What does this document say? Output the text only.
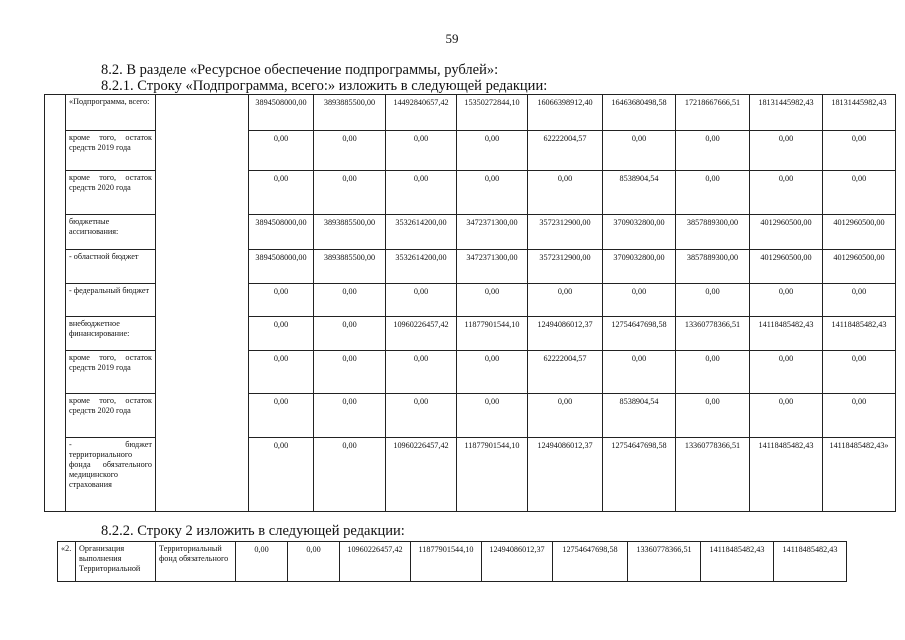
59
8.2. В разделе «Ресурсное обеспечение подпрограммы, рублей»:
8.2.1. Строку «Подпрограмма, всего:» изложить в следующей редакции:
	«Подпрограмма, всего:		3894508000,00	3893885500,00	14492840657,42	15350272844,10	16066398912,40	16463680498,58	17218667666,51	18131445982,43	18131445982,43
	кроме того, остаток средств 2019 года		0,00	0,00	0,00	0,00	62222004,57	0,00	0,00	0,00	0,00
	кроме того, остаток средств 2020 года		0,00	0,00	0,00	0,00	0,00	8538904,54	0,00	0,00	0,00
	бюджетные ассигнования:		3894508000,00	3893885500,00	3532614200,00	3472371300,00	3572312900,00	3709032800,00	3857889300,00	4012960500,00	4012960500,00
	- областной бюджет		3894508000,00	3893885500,00	3532614200,00	3472371300,00	3572312900,00	3709032800,00	3857889300,00	4012960500,00	4012960500,00
	- федеральный бюджет		0,00	0,00	0,00	0,00	0,00	0,00	0,00	0,00	0,00
	внебюджетное финансирование:		0,00	0,00	10960226457,42	11877901544,10	12494086012,37	12754647698,58	13360778366,51	14118485482,43	14118485482,43
	кроме того, остаток средств 2019 года		0,00	0,00	0,00	0,00	62222004,57	0,00	0,00	0,00	0,00
	кроме того, остаток средств 2020 года		0,00	0,00	0,00	0,00	0,00	8538904,54	0,00	0,00	0,00
	- бюджет территориального фонда обязательного медицинского страхования		0,00	0,00	10960226457,42	11877901544,10	12494086012,37	12754647698,58	13360778366,51	14118485482,43	14118485482,43»
8.2.2. Строку 2 изложить в следующей редакции:
«2.	Организация выполнения Территориальной	Территориальный фонд обязательного	0,00	0,00	10960226457,42	11877901544,10	12494086012,37	12754647698,58	13360778366,51	14118485482,43	14118485482,43
